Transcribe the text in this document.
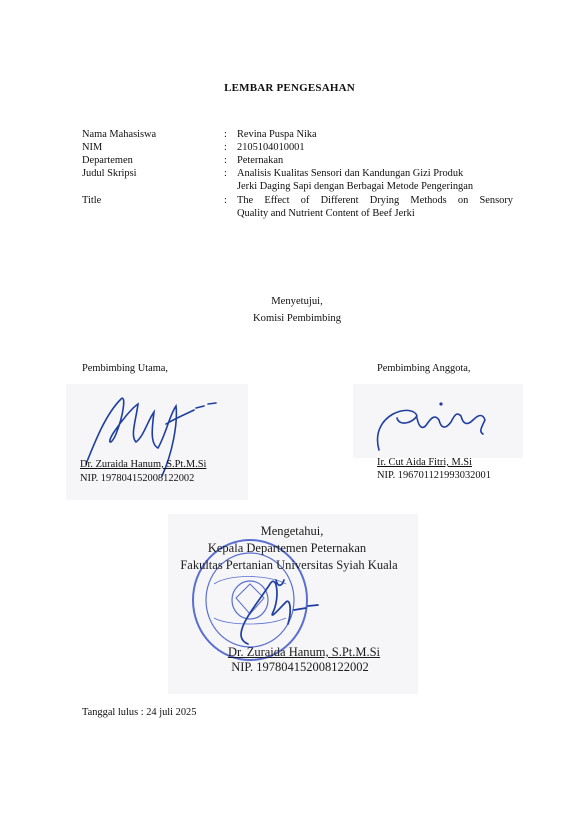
LEMBAR PENGESAHAN
Nama Mahasiswa	: Revina Puspa Nika
NIM	: 2105104010001
Departemen	: Peternakan
Judul Skripsi	: Analisis Kualitas Sensori dan Kandungan Gizi Produk
Jerki Daging Sapi dengan Berbagai Metode Pengeringan
Title	: The Effect of Different Drying Methods on Sensory
Quality and Nutrient Content of Beef Jerki
Menyetujui,
Komisi Pembimbing
Pembimbing Utama,	Pembimbing Anggota,
Dr. Zuraida Hanum, S.Pt.M.Si
NIP. 197804152008122002
Ir. Cut Aida Fitri, M.Si
NIP. 196701121993032001
Mengetahui,
Kepala Departemen Peternakan
Fakultas Pertanian Universitas Syiah Kuala
Dr. Zuraida Hanum, S.Pt.M.Si
NIP. 197804152008122002
Tanggal lulus : 24 juli 2025
